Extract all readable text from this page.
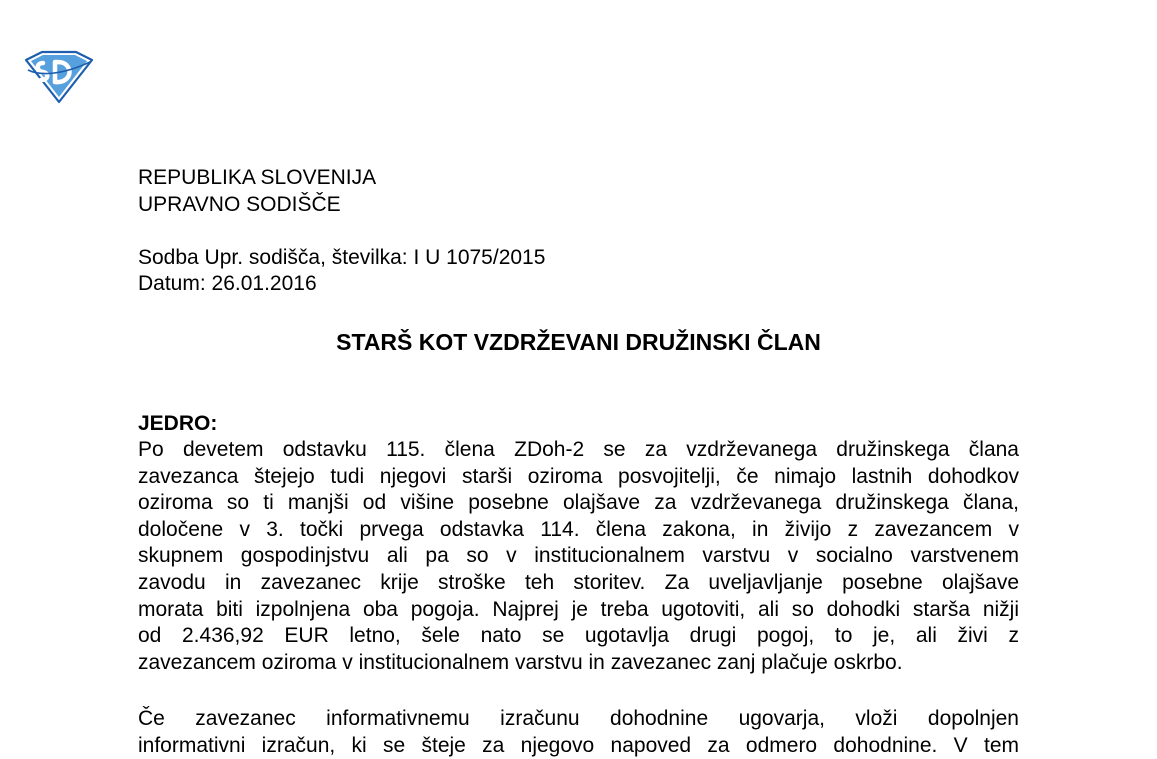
REPUBLIKA SLOVENIJA
UPRAVNO SODIŠČE
Sodba Upr. sodišča, številka: I U 1075/2015
Datum: 26.01.2016
STARŠ KOT VZDRŽEVANI DRUŽINSKI ČLAN
JEDRO:
Po devetem odstavku 115. člena ZDoh-2 se za vzdrževanega družinskega člana
zavezanca štejejo tudi njegovi starši oziroma posvojitelji, če nimajo lastnih dohodkov
oziroma so ti manjši od višine posebne olajšave za vzdrževanega družinskega člana,
določene v 3. točki prvega odstavka 114. člena zakona, in živijo z zavezancem v
skupnem gospodinjstvu ali pa so v institucionalnem varstvu v socialno varstvenem
zavodu in zavezanec krije stroške teh storitev. Za uveljavljanje posebne olajšave
morata biti izpolnjena oba pogoja. Najprej je treba ugotoviti, ali so dohodki starša nižji
od 2.436,92 EUR letno, šele nato se ugotavlja drugi pogoj, to je, ali živi z
zavezancem oziroma v institucionalnem varstvu in zavezanec zanj plačuje oskrbo.
Če zavezanec informativnemu izračunu dohodnine ugovarja, vloži dopolnjen
informativni izračun, ki se šteje za njegovo napoved za odmero dohodnine. V tem
